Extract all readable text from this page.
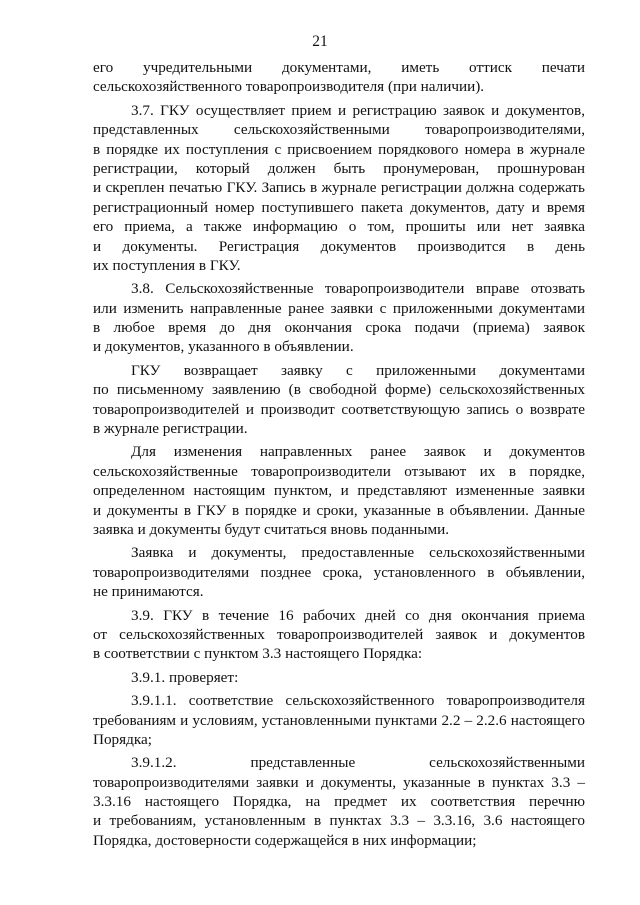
21
его учредительными документами, иметь оттиск печати
сельскохозяйственного товаропроизводителя (при наличии).
3.7. ГКУ осуществляет прием и регистрацию заявок и документов,
представленных сельскохозяйственными товаропроизводителями,
в порядке их поступления с присвоением порядкового номера в журнале
регистрации, который должен быть пронумерован, прошнурован
и скреплен печатью ГКУ. Запись в журнале регистрации должна содержать
регистрационный номер поступившего пакета документов, дату и время
его приема, а также информацию о том, прошиты или нет заявка
и документы. Регистрация документов производится в день
их поступления в ГКУ.
3.8. Сельскохозяйственные товаропроизводители вправе отозвать
или изменить направленные ранее заявки с приложенными документами
в любое время до дня окончания срока подачи (приема) заявок
и документов, указанного в объявлении.
ГКУ возвращает заявку с приложенными документами
по письменному заявлению (в свободной форме) сельскохозяйственных
товаропроизводителей и производит соответствующую запись о возврате
в журнале регистрации.
Для изменения направленных ранее заявок и документов
сельскохозяйственные товаропроизводители отзывают их в порядке,
определенном настоящим пунктом, и представляют измененные заявки
и документы в ГКУ в порядке и сроки, указанные в объявлении. Данные
заявка и документы будут считаться вновь поданными.
Заявка и документы, предоставленные сельскохозяйственными
товаропроизводителями позднее срока, установленного в объявлении,
не принимаются.
3.9. ГКУ в течение 16 рабочих дней со дня окончания приема
от сельскохозяйственных товаропроизводителей заявок и документов
в соответствии с пунктом 3.3 настоящего Порядка:
3.9.1. проверяет:
3.9.1.1. соответствие сельскохозяйственного товаропроизводителя
требованиям и условиям, установленными пунктами 2.2 – 2.2.6 настоящего
Порядка;
3.9.1.2. представленные сельскохозяйственными
товаропроизводителями заявки и документы, указанные в пунктах 3.3 –
3.3.16 настоящего Порядка, на предмет их соответствия перечню
и требованиям, установленным в пунктах 3.3 – 3.3.16, 3.6 настоящего
Порядка, достоверности содержащейся в них информации;
